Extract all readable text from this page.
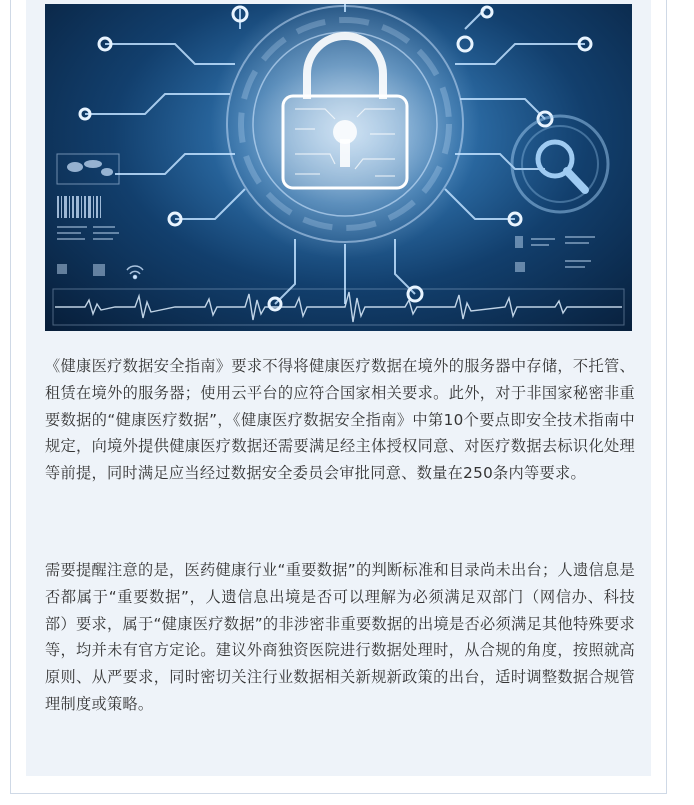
《健康医疗数据安全指南》要求不得将健康医疗数据在境外的服务器中存储，不托管、租赁在境外的服务器；使用云平台的应符合国家相关要求。此外，对于非国家秘密非重要数据的“健康医疗数据”，《健康医疗数据安全指南》中第10个要点即安全技术指南中规定，向境外提供健康医疗数据还需要满足经主体授权同意、对医疗数据去标识化处理等前提，同时满足应当经过数据安全委员会审批同意、数量在250条内等要求。

需要提醒注意的是，医药健康行业“重要数据”的判断标准和目录尚未出台；人遗信息是否都属于“重要数据”，人遗信息出境是否可以理解为必须满足双部门（网信办、科技部）要求，属于“健康医疗数据”的非涉密非重要数据的出境是否必须满足其他特殊要求等，均并未有官方定论。建议外商独资医院进行数据处理时，从合规的角度，按照就高原则、从严要求，同时密切关注行业数据相关新规新政策的出台，适时调整数据合规管理制度或策略。
